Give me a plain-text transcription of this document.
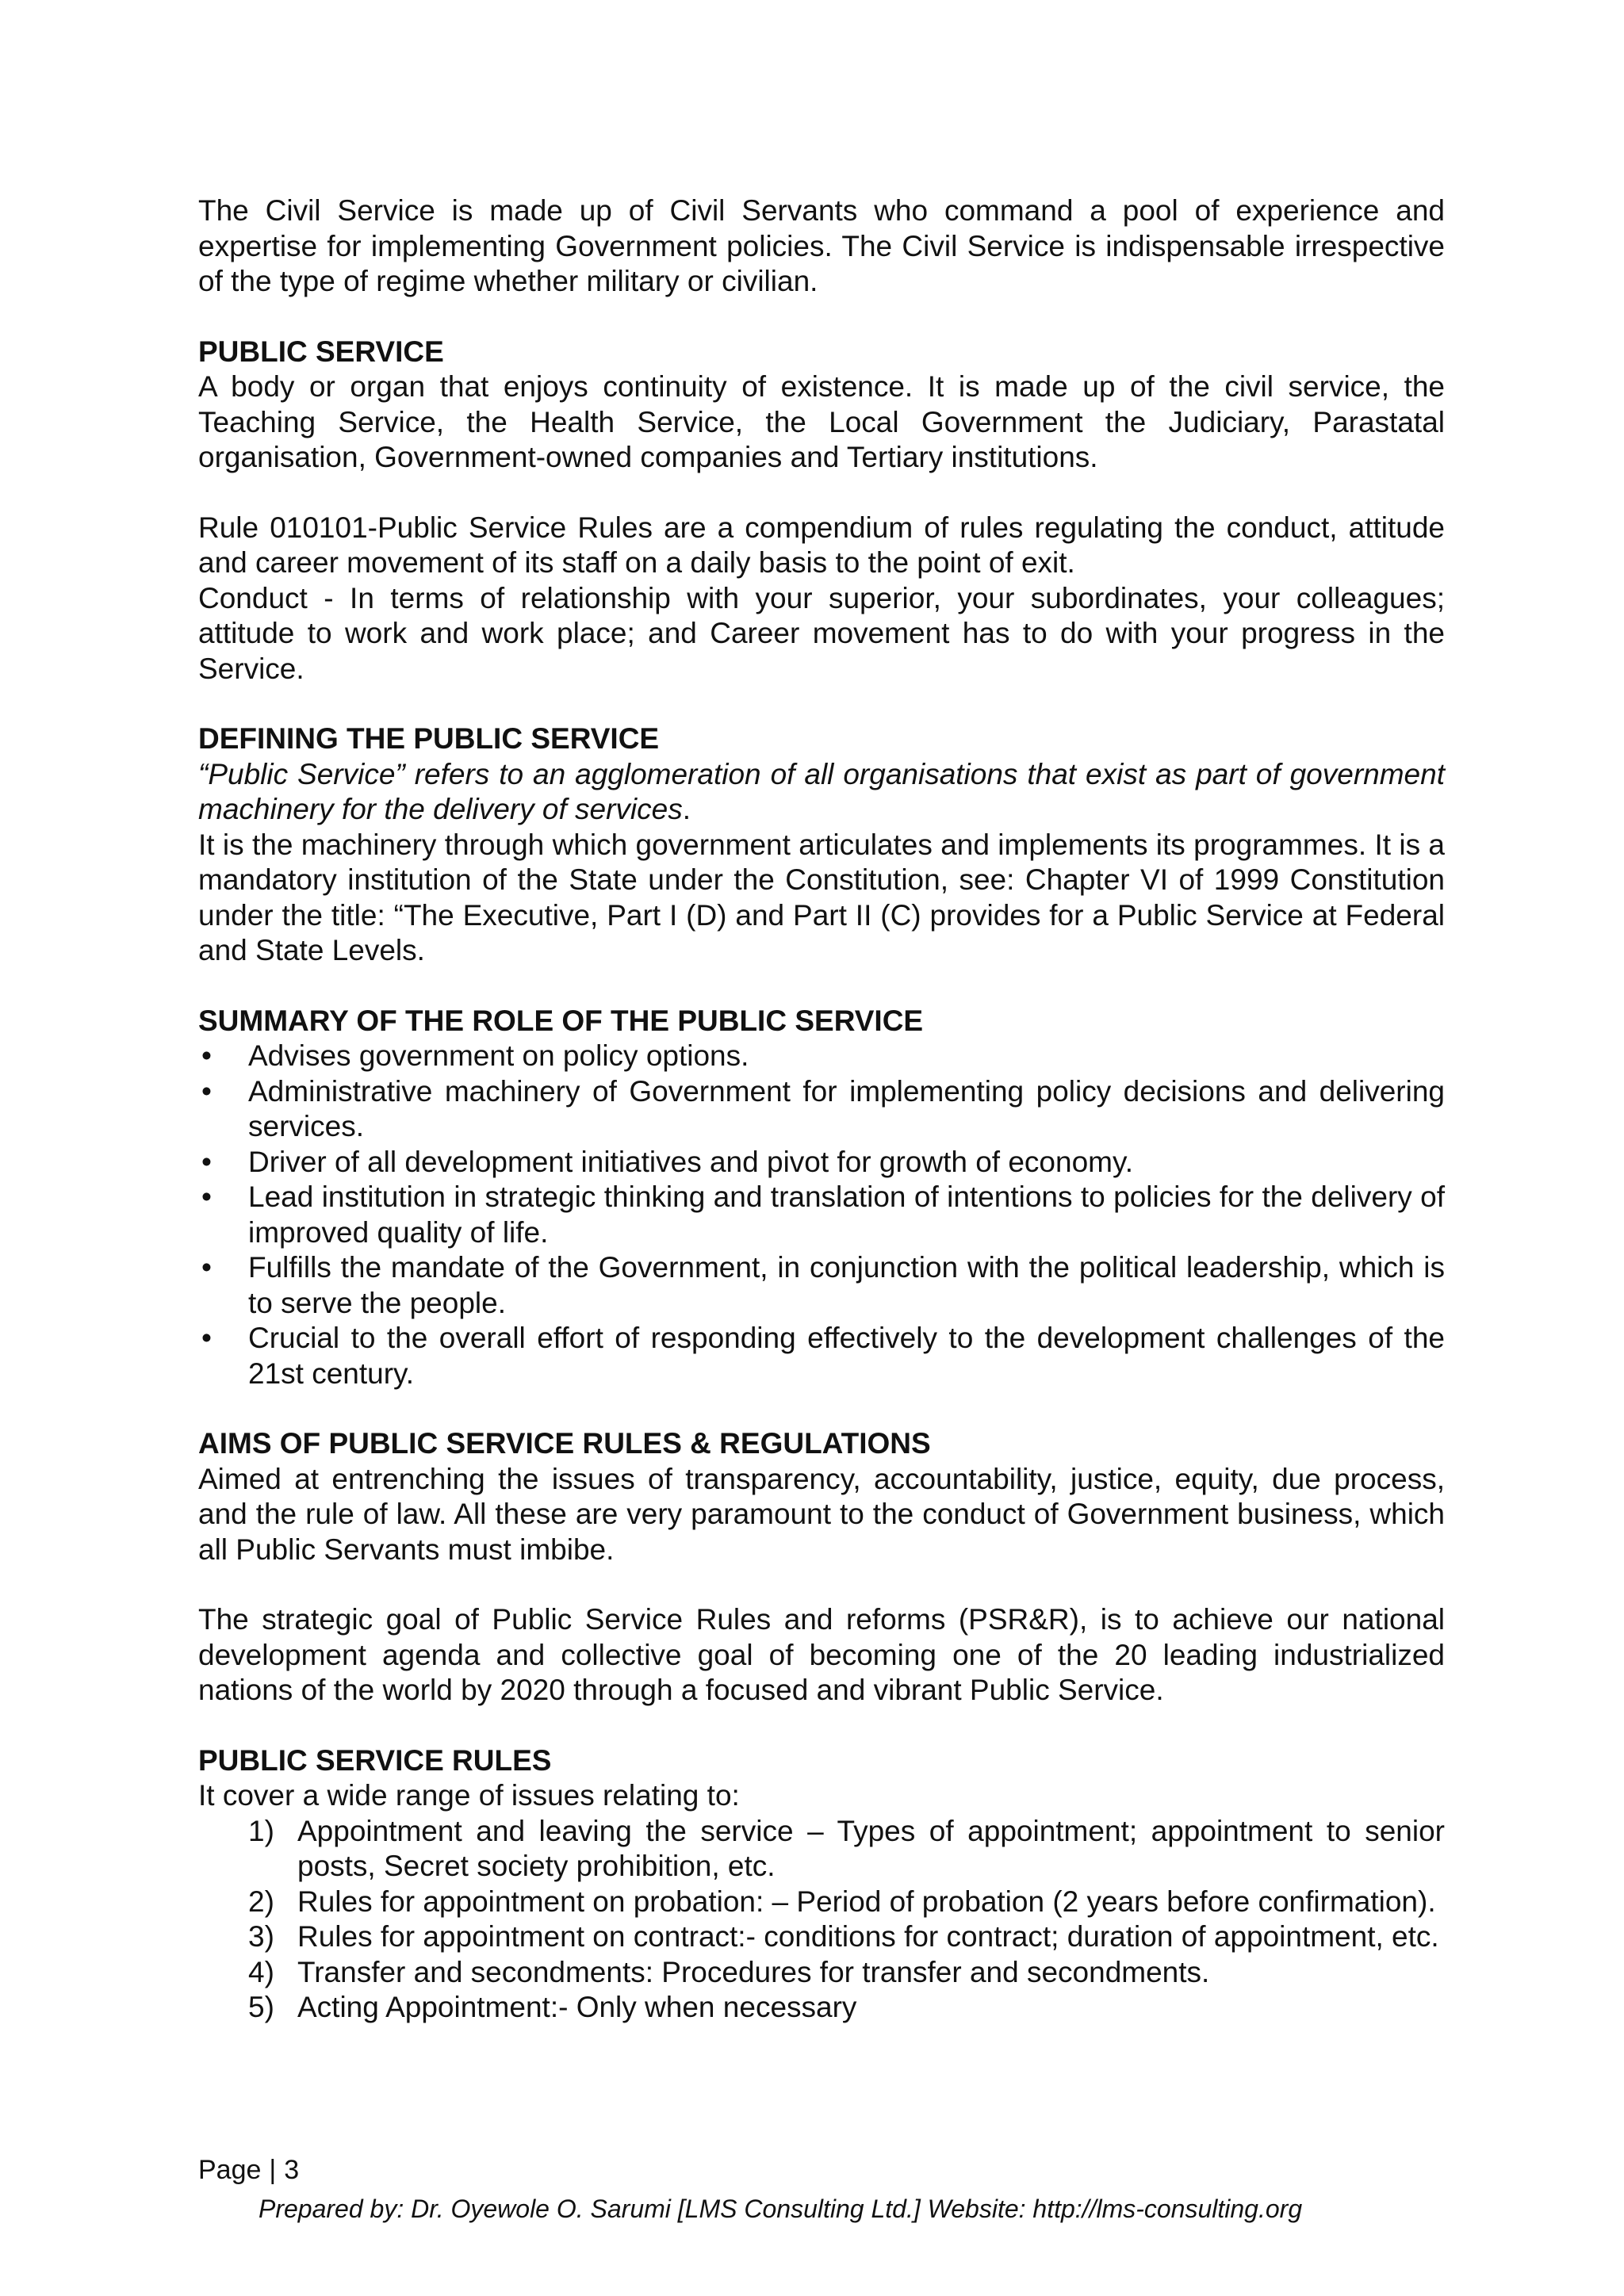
The Civil Service is made up of Civil Servants who command a pool of experience and expertise for implementing Government policies. The Civil Service is indispensable irrespective of the type of regime whether military or civilian.

PUBLIC SERVICE

A body or organ that enjoys continuity of existence. It is made up of the civil service, the Teaching Service, the Health Service, the Local Government the Judiciary, Parastatal organisation, Government-owned companies and Tertiary institutions.

Rule 010101-Public Service Rules are a compendium of rules regulating the conduct, attitude and career movement of its staff on a daily basis to the point of exit.

Conduct - In terms of relationship with your superior, your subordinates, your colleagues; attitude to work and work place; and Career movement has to do with your progress in the Service.

DEFINING THE PUBLIC SERVICE

“Public Service” refers to an agglomeration of all organisations that exist as part of government machinery for the delivery of services.

It is the machinery through which government articulates and implements its programmes. It is a mandatory institution of the State under the Constitution, see: Chapter VI of 1999 Constitution under the title: “The Executive, Part I (D) and Part II (C) provides for a Public Service at Federal and State Levels.

SUMMARY OF THE ROLE OF THE PUBLIC SERVICE
• Advises government on policy options.
• Administrative machinery of Government for implementing policy decisions and delivering services.
• Driver of all development initiatives and pivot for growth of economy.
• Lead institution in strategic thinking and translation of intentions to policies for the delivery of improved quality of life.
• Fulfills the mandate of the Government, in conjunction with the political leadership, which is to serve the people.
• Crucial to the overall effort of responding effectively to the development challenges of the 21st century.
AIMS OF PUBLIC SERVICE RULES & REGULATIONS

Aimed at entrenching the issues of transparency, accountability, justice, equity, due process, and the rule of law. All these are very paramount to the conduct of Government business, which all Public Servants must imbibe.

The strategic goal of Public Service Rules and reforms (PSR&R), is to achieve our national development agenda and collective goal of becoming one of the 20 leading industrialized nations of the world by 2020 through a focused and vibrant Public Service.

PUBLIC SERVICE RULES

It cover a wide range of issues relating to:

1) Appointment and leaving the service – Types of appointment; appointment to senior posts, Secret society prohibition, etc.
2) Rules for appointment on probation: – Period of probation (2 years before confirmation).
3) Rules for appointment on contract:- conditions for contract; duration of appointment, etc.
4) Transfer and secondments: Procedures for transfer and secondments.
5) Acting Appointment:- Only when necessary
Page | 3
Prepared by: Dr. Oyewole O. Sarumi [LMS Consulting Ltd.] Website: http://lms-consulting.org
